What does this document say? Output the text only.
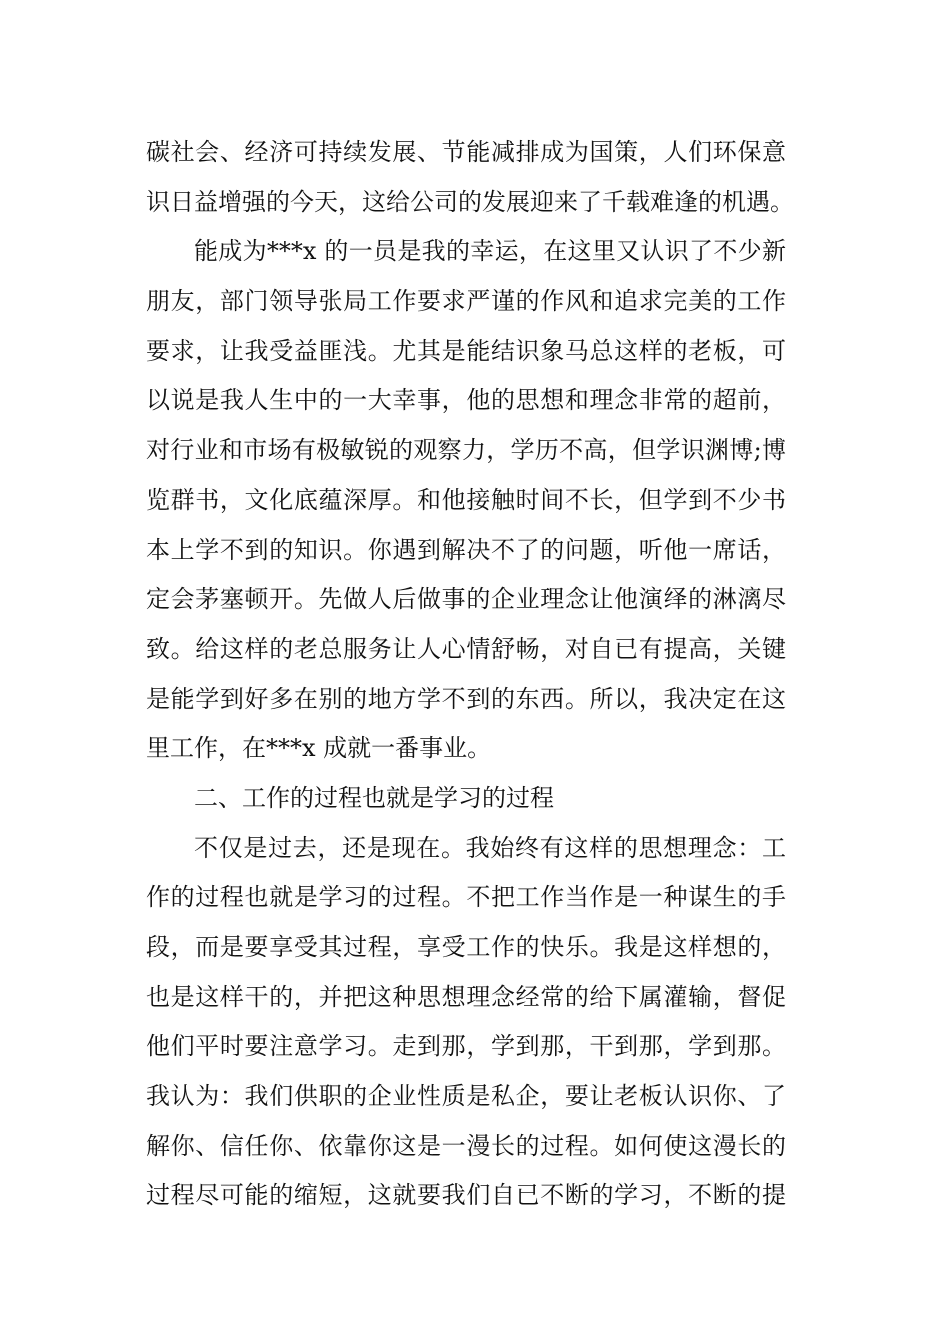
碳社会、经济可持续发展、节能减排成为国策，人们环保意
识日益增强的今天，这给公司的发展迎来了千载难逢的机遇。
能成为***x 的一员是我的幸运，在这里又认识了不少新
朋友，部门领导张局工作要求严谨的作风和追求完美的工作
要求，让我受益匪浅。尤其是能结识象马总这样的老板，可
以说是我人生中的一大幸事，他的思想和理念非常的超前，
对行业和市场有极敏锐的观察力，学历不高，但学识渊博;博
览群书，文化底蕴深厚。和他接触时间不长，但学到不少书
本上学不到的知识。你遇到解决不了的问题，听他一席话，
定会茅塞顿开。先做人后做事的企业理念让他演绎的淋漓尽
致。给这样的老总服务让人心情舒畅，对自已有提高，关键
是能学到好多在别的地方学不到的东西。所以，我决定在这
里工作，在***x 成就一番事业。
二、工作的过程也就是学习的过程
不仅是过去，还是现在。我始终有这样的思想理念：工
作的过程也就是学习的过程。不把工作当作是一种谋生的手
段，而是要享受其过程，享受工作的快乐。我是这样想的，
也是这样干的，并把这种思想理念经常的给下属灌输，督促
他们平时要注意学习。走到那，学到那，干到那，学到那。
我认为：我们供职的企业性质是私企，要让老板认识你、了
解你、信任你、依靠你这是一漫长的过程。如何使这漫长的
过程尽可能的缩短，这就要我们自已不断的学习，不断的提
